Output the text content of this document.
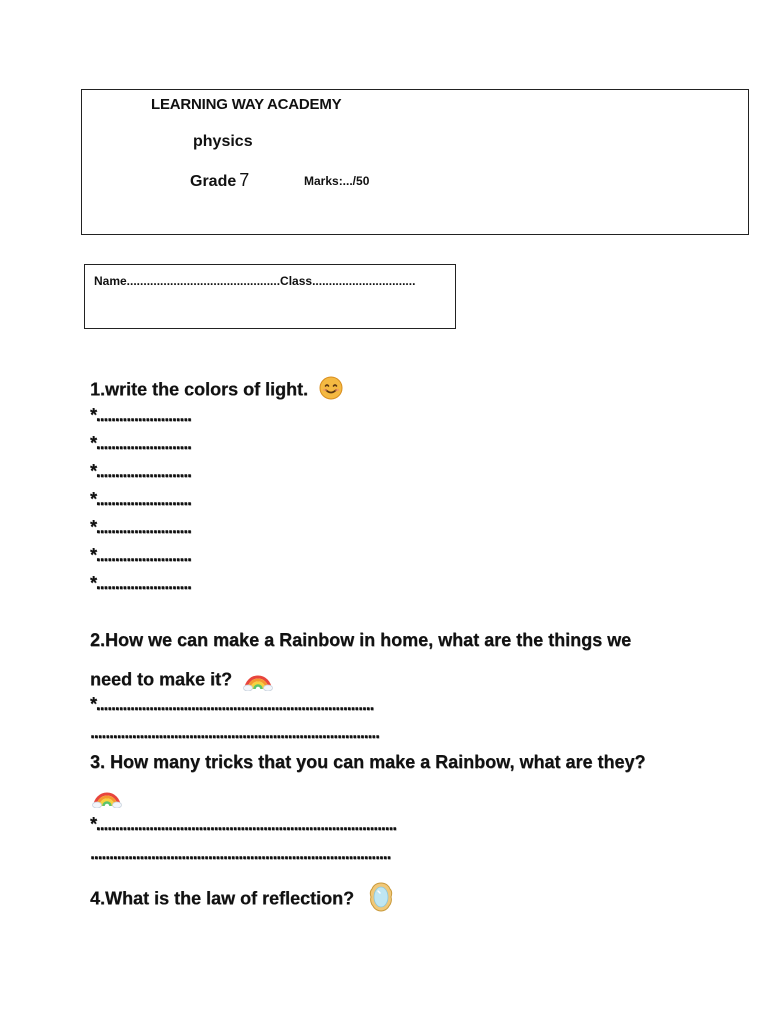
LEARNING WAY ACADEMY
physics
Grade 7	Marks:.../50
Name..............................................Class...............................
1.write the colors of light.
*.........................
*.........................
*.........................
*.........................
*.........................
*.........................
*.........................
2.How we can make a Rainbow in home, what are the things we
need to make it?
*.........................................................................
............................................................................
3. How many tricks that you can make a Rainbow, what are they?
*...............................................................................
...............................................................................
4.What is the law of reflection?
